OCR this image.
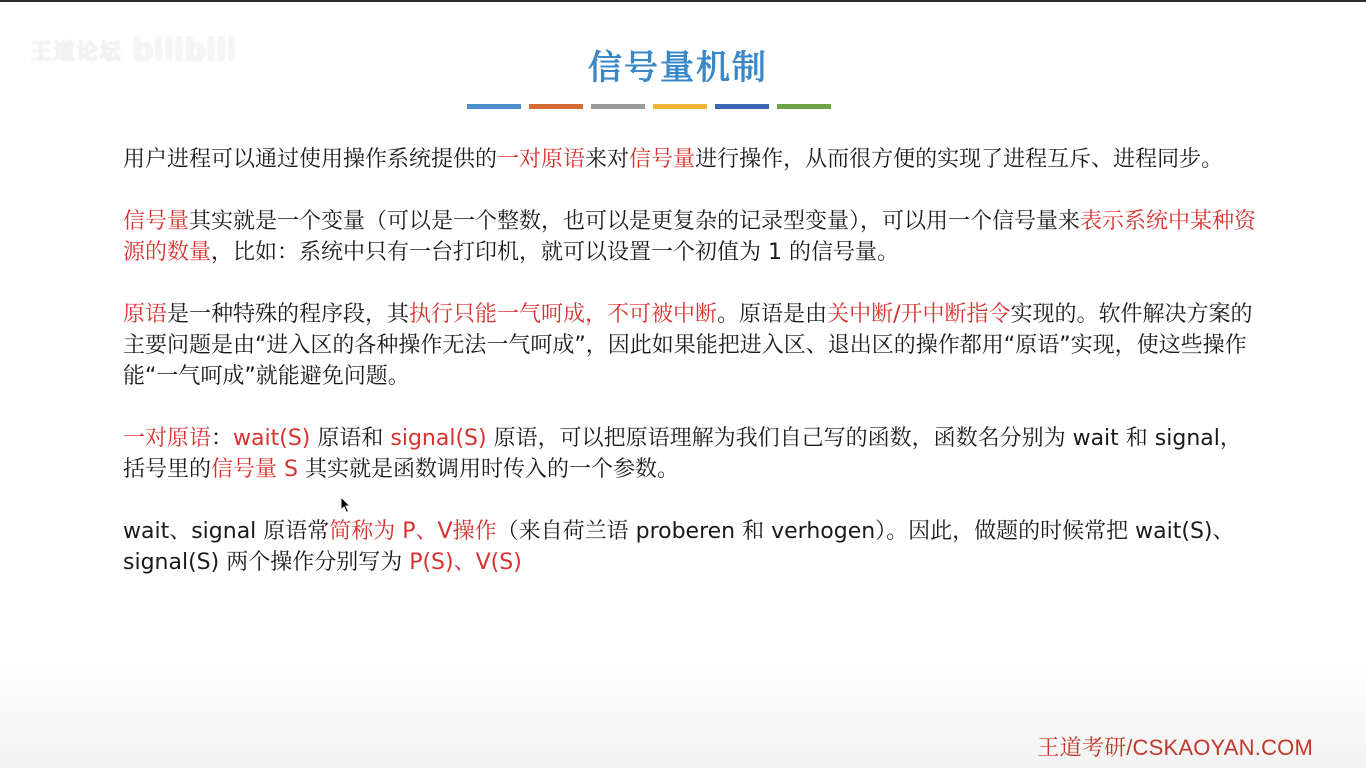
王道论坛 bilibili	信号量机制

用户进程可以通过使用操作系统提供的一对原语来对信号量进行操作，从而很方便的实现了进程互斥、进程同步。

信号量其实就是一个变量（可以是一个整数，也可以是更复杂的记录型变量），可以用一个信号量来表示系统中某种资源的数量，比如：系统中只有一台打印机，就可以设置一个初值为 1 的信号量。

原语是一种特殊的程序段，其执行只能一气呵成，不可被中断。原语是由关中断/开中断指令实现的。软件解决方案的主要问题是由“进入区的各种操作无法一气呵成”，因此如果能把进入区、退出区的操作都用“原语”实现，使这些操作能“一气呵成”就能避免问题。

一对原语：wait(S) 原语和 signal(S) 原语，可以把原语理解为我们自己写的函数，函数名分别为 wait 和 signal，括号里的信号量 S 其实就是函数调用时传入的一个参数。

wait、signal 原语常简称为 P、V操作（来自荷兰语 proberen 和 verhogen）。因此，做题的时候常把 wait(S)、signal(S) 两个操作分别写为 P(S)、V(S)

王道考研/CSKAOYAN.COM
